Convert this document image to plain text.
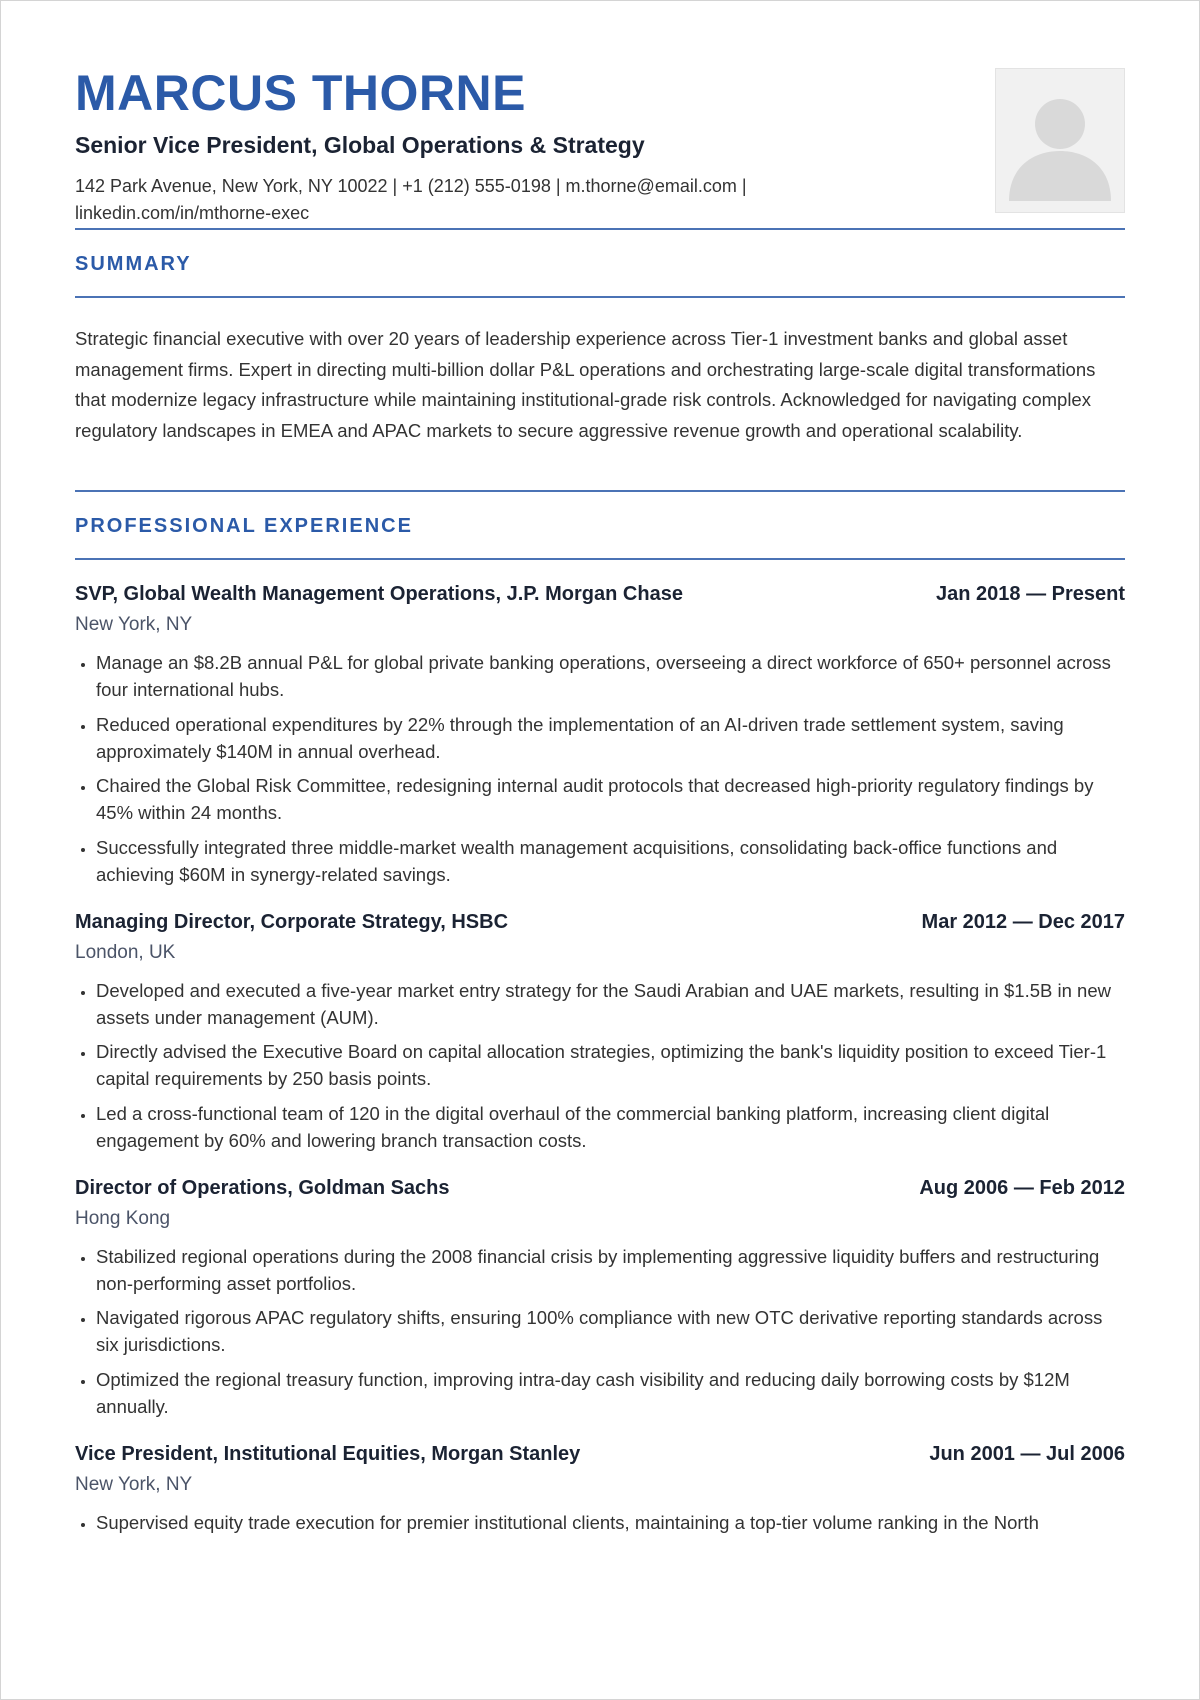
MARCUS THORNE
Senior Vice President, Global Operations & Strategy
142 Park Avenue, New York, NY 10022 | +1 (212) 555-0198 | m.thorne@email.com |
linkedin.com/in/mthorne-exec
SUMMARY

Strategic financial executive with over 20 years of leadership experience across Tier-1 investment banks and global asset management firms. Expert in directing multi-billion dollar P&L operations and orchestrating large-scale digital transformations that modernize legacy infrastructure while maintaining institutional-grade risk controls. Acknowledged for navigating complex regulatory landscapes in EMEA and APAC markets to secure aggressive revenue growth and operational scalability.

PROFESSIONAL EXPERIENCE
SVP, Global Wealth Management Operations, J.P. Morgan Chase	Jan 2018 — Present
New York, NY
• Manage an $8.2B annual P&L for global private banking operations, overseeing a direct workforce of 650+ personnel across four international hubs.
• Reduced operational expenditures by 22% through the implementation of an AI-driven trade settlement system, saving approximately $140M in annual overhead.
• Chaired the Global Risk Committee, redesigning internal audit protocols that decreased high-priority regulatory findings by 45% within 24 months.
• Successfully integrated three middle-market wealth management acquisitions, consolidating back-office functions and achieving $60M in synergy-related savings.
Managing Director, Corporate Strategy, HSBC	Mar 2012 — Dec 2017
London, UK
• Developed and executed a five-year market entry strategy for the Saudi Arabian and UAE markets, resulting in $1.5B in new assets under management (AUM).
• Directly advised the Executive Board on capital allocation strategies, optimizing the bank's liquidity position to exceed Tier-1 capital requirements by 250 basis points.
• Led a cross-functional team of 120 in the digital overhaul of the commercial banking platform, increasing client digital engagement by 60% and lowering branch transaction costs.
Director of Operations, Goldman Sachs	Aug 2006 — Feb 2012
Hong Kong
• Stabilized regional operations during the 2008 financial crisis by implementing aggressive liquidity buffers and restructuring non-performing asset portfolios.
• Navigated rigorous APAC regulatory shifts, ensuring 100% compliance with new OTC derivative reporting standards across six jurisdictions.
• Optimized the regional treasury function, improving intra-day cash visibility and reducing daily borrowing costs by $12M annually.
Vice President, Institutional Equities, Morgan Stanley	Jun 2001 — Jul 2006
New York, NY
• Supervised equity trade execution for premier institutional clients, maintaining a top-tier volume ranking in the North
